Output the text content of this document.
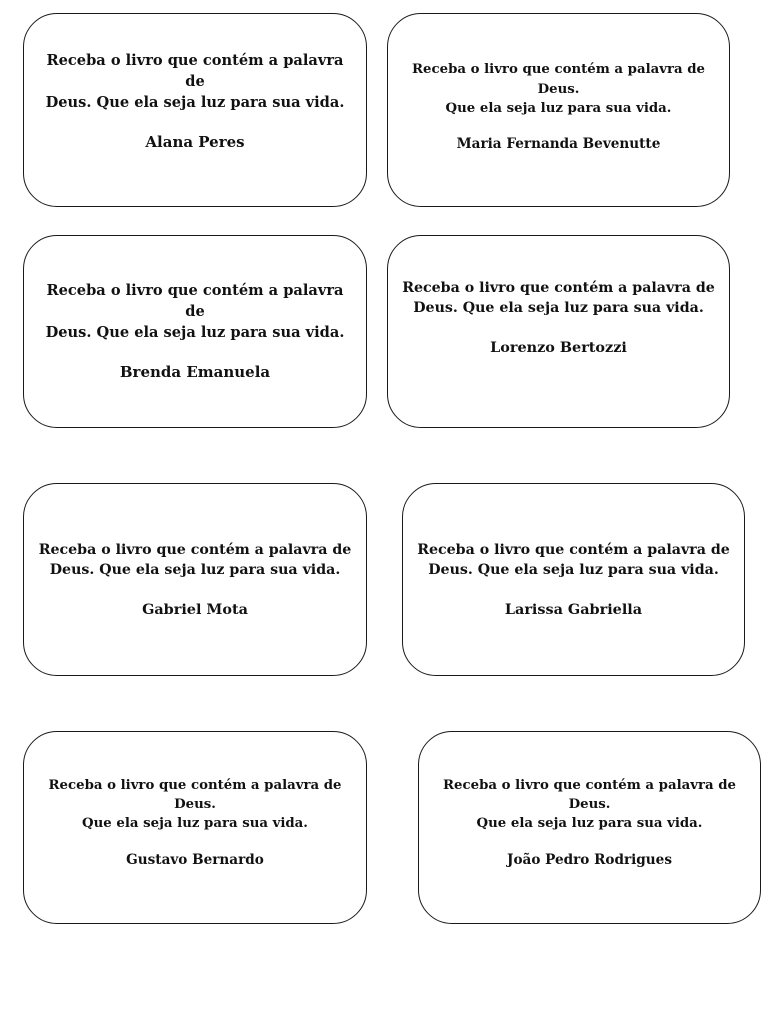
Receba o livro que contém a palavra de
Deus. Que ela seja luz para sua vida.

Alana Peres

Receba o livro que contém a palavra de Deus.
Que ela seja luz para sua vida.

Maria Fernanda Bevenutte

Receba o livro que contém a palavra de
Deus. Que ela seja luz para sua vida.

Brenda Emanuela

Receba o livro que contém a palavra de
Deus. Que ela seja luz para sua vida.

Lorenzo Bertozzi

Receba o livro que contém a palavra de
Deus. Que ela seja luz para sua vida.

Gabriel Mota

Receba o livro que contém a palavra de
Deus. Que ela seja luz para sua vida.

Larissa Gabriella

Receba o livro que contém a palavra de Deus.
Que ela seja luz para sua vida.

Gustavo Bernardo

Receba o livro que contém a palavra de Deus.
Que ela seja luz para sua vida.

João Pedro Rodrigues
